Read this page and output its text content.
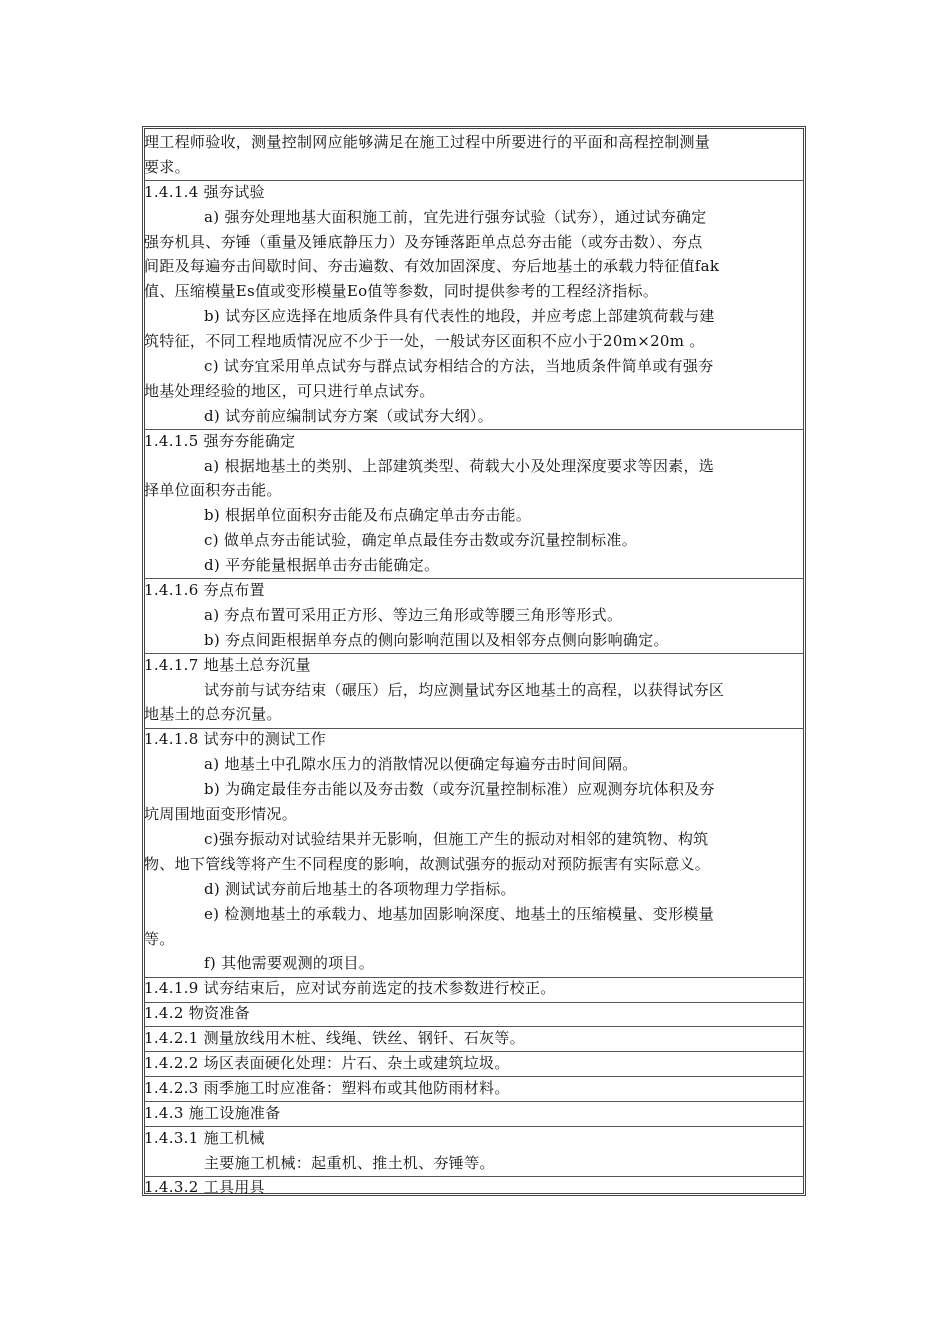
理工程师验收，测量控制网应能够满足在施工过程中所要进行的平面和高程控制测量
要求。
1.4.1.4 强夯试验
a) 强夯处理地基大面积施工前，宜先进行强夯试验（试夯），通过试夯确定
强夯机具、夯锤（重量及锤底静压力）及夯锤落距单点总夯击能（或夯击数）、夯点
间距及每遍夯击间歇时间、夯击遍数、有效加固深度、夯后地基土的承载力特征值fak
值、压缩模量Es值或变形模量Eo值等参数，同时提供参考的工程经济指标。
b) 试夯区应选择在地质条件具有代表性的地段，并应考虑上部建筑荷载与建
筑特征，不同工程地质情况应不少于一处，一般试夯区面积不应小于20m×20m 。
c) 试夯宜采用单点试夯与群点试夯相结合的方法，当地质条件简单或有强夯
地基处理经验的地区，可只进行单点试夯。
d) 试夯前应编制试夯方案（或试夯大纲）。
1.4.1.5 强夯夯能确定
a) 根据地基土的类别、上部建筑类型、荷载大小及处理深度要求等因素，选
择单位面积夯击能。
b) 根据单位面积夯击能及布点确定单击夯击能。
c) 做单点夯击能试验，确定单点最佳夯击数或夯沉量控制标准。
d) 平夯能量根据单击夯击能确定。
1.4.1.6 夯点布置
a) 夯点布置可采用正方形、等边三角形或等腰三角形等形式。
b) 夯点间距根据单夯点的侧向影响范围以及相邻夯点侧向影响确定。
1.4.1.7 地基土总夯沉量
试夯前与试夯结束（碾压）后，均应测量试夯区地基土的高程，以获得试夯区
地基土的总夯沉量。
1.4.1.8 试夯中的测试工作
a) 地基土中孔隙水压力的消散情况以便确定每遍夯击时间间隔。
b) 为确定最佳夯击能以及夯击数（或夯沉量控制标准）应观测夯坑体积及夯
坑周围地面变形情况。
c)强夯振动对试验结果并无影响，但施工产生的振动对相邻的建筑物、构筑
物、地下管线等将产生不同程度的影响，故测试强夯的振动对预防振害有实际意义。
d) 测试试夯前后地基土的各项物理力学指标。
e) 检测地基土的承载力、地基加固影响深度、地基土的压缩模量、变形模量
等。
f) 其他需要观测的项目。
1.4.1.9 试夯结束后，应对试夯前选定的技术参数进行校正。
1.4.2 物资准备
1.4.2.1 测量放线用木桩、线绳、铁丝、钢钎、石灰等。
1.4.2.2 场区表面硬化处理：片石、杂土或建筑垃圾。
1.4.2.3 雨季施工时应准备：塑料布或其他防雨材料。
1.4.3 施工设施准备
1.4.3.1 施工机械
主要施工机械：起重机、推土机、夯锤等。
1.4.3.2 工具用具
